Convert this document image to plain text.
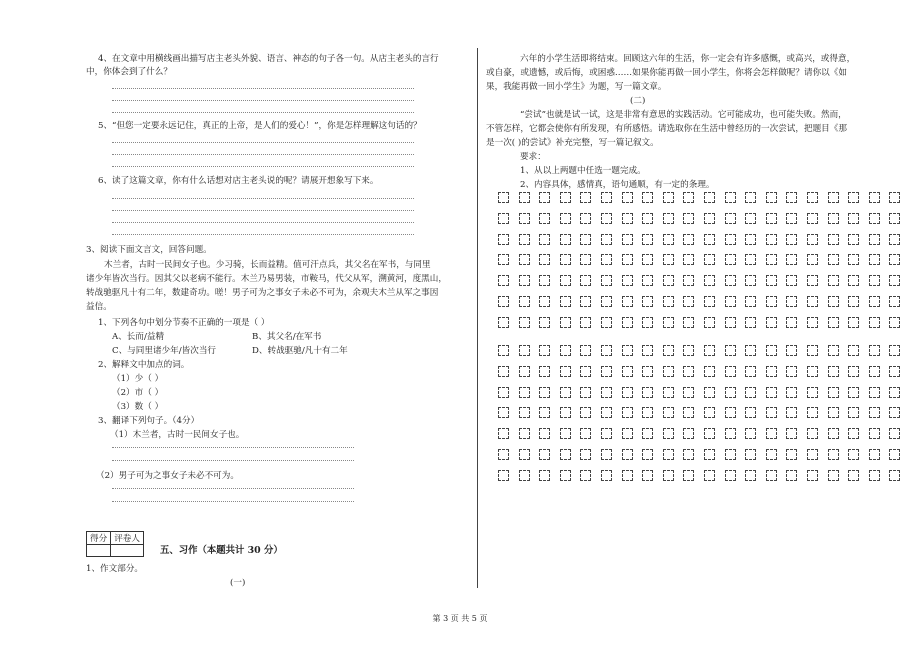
4、在文章中用横线画出描写店主老头外貌、语言、神态的句子各一句。从店主老头的言行
中，你体会到了什么？
5、“但您一定要永远记住，真正的上帝，是人们的爱心！”，你是怎样理解这句话的？
6、读了这篇文章，你有什么话想对店主老头说的呢？请展开想象写下来。
3、阅读下面文言文，回答问题。
木兰者，古时一民间女子也。少习骑，长而益精。值可汗点兵，其父名在军书，与同里
诸少年皆次当行。因其父以老病不能行。木兰乃易男装，市鞍马，代父从军，溯黄河，度黑山，
转战驰驱凡十有二年，数建奇功。嗟！男子可为之事女子未必不可为，余观夫木兰从军之事因
益信。
1、下列各句中划分节奏不正确的一项是（ ）
A、长而/益精	B、其父名/在军书
C、与同里诸少年/皆次当行	D、转战驱驰/凡十有二年
2、解释文中加点的词。
（1）少（ ）
（2）市（ ）
（3）数（ ）
3、翻译下列句子。（4分）
（1）木兰者，古时一民间女子也。
（2）男子可为之事女子未必不可为。
得分	评卷人

五、习作（本题共计 30 分）
1、作文部分。
(一)
六年的小学生活即将结束。回顾这六年的生活，你一定会有许多感慨，或高兴，或得意，
或自豪，或遗憾，或后悔，或困惑……如果你能再做一回小学生，你将会怎样做呢？请你以《如
果，我能再做一回小学生》为题，写一篇文章。
(二)
“尝试”也就是试一试，这是非常有意思的实践活动。它可能成功，也可能失败。然而，
不管怎样，它都会使你有所发现，有所感悟。请选取你在生活中曾经历的一次尝试，把题目《那
是一次( )的尝试》补充完整，写一篇记叙文。
要求：
1、从以上两题中任选一题完成。
2、内容具体，感情真，语句通顺，有一定的条理。
第 3 页 共 5 页
